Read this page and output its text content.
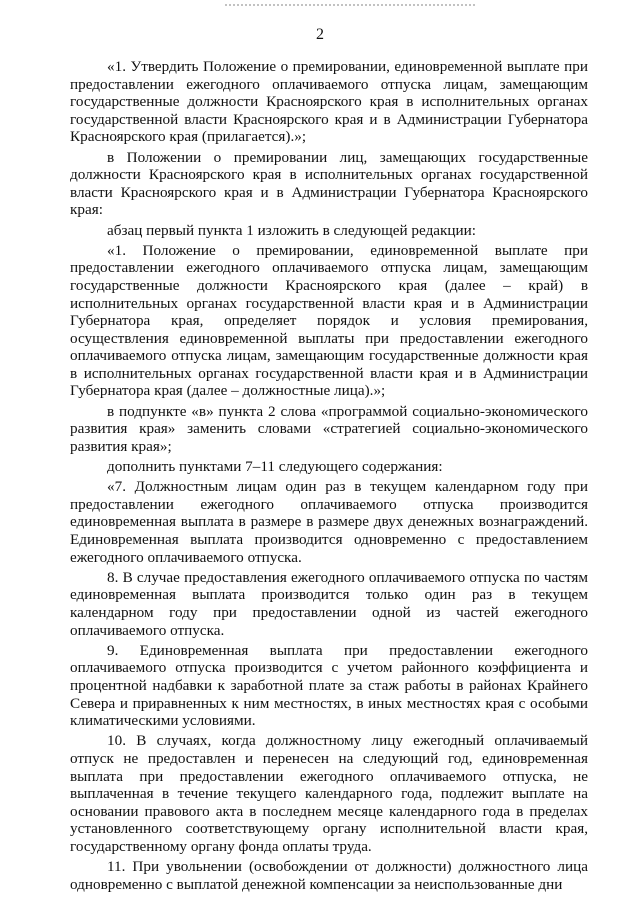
2

«1. Утвердить Положение о премировании, единовременной выплате при предоставлении ежегодного оплачиваемого отпуска лицам, замещающим государственные должности Красноярского края в исполнительных органах государственной власти Красноярского края и в Администрации Губернатора Красноярского края (прилагается).»;

в Положении о премировании лиц, замещающих государственные должности Красноярского края в исполнительных органах государственной власти Красноярского края и в Администрации Губернатора Красноярского края:

абзац первый пункта 1 изложить в следующей редакции:

«1. Положение о премировании, единовременной выплате при предоставлении ежегодного оплачиваемого отпуска лицам, замещающим государственные должности Красноярского края (далее – край) в исполнительных органах государственной власти края и в Администрации Губернатора края, определяет порядок и условия премирования, осуществления единовременной выплаты при предоставлении ежегодного оплачиваемого отпуска лицам, замещающим государственные должности края в исполнительных органах государственной власти края и в Администрации Губернатора края (далее – должностные лица).»;

в подпункте «в» пункта 2 слова «программой социально-экономического развития края» заменить словами «стратегией социально-экономического развития края»;

дополнить пунктами 7–11 следующего содержания:

«7. Должностным лицам один раз в текущем календарном году при предоставлении ежегодного оплачиваемого отпуска производится единовременная выплата в размере в размере двух денежных вознаграждений. Единовременная выплата производится одновременно с предоставлением ежегодного оплачиваемого отпуска.

8. В случае предоставления ежегодного оплачиваемого отпуска по частям единовременная выплата производится только один раз в текущем календарном году при предоставлении одной из частей ежегодного оплачиваемого отпуска.

9. Единовременная выплата при предоставлении ежегодного оплачиваемого отпуска производится с учетом районного коэффициента и процентной надбавки к заработной плате за стаж работы в районах Крайнего Севера и приравненных к ним местностях, в иных местностях края с особыми климатическими условиями.

10. В случаях, когда должностному лицу ежегодный оплачиваемый отпуск не предоставлен и перенесен на следующий год, единовременная выплата при предоставлении ежегодного оплачиваемого отпуска, не выплаченная в течение текущего календарного года, подлежит выплате на основании правового акта в последнем месяце календарного года в пределах установленного соответствующему органу исполнительной власти края, государственному органу фонда оплаты труда.

11. При увольнении (освобождении от должности) должностного лица одновременно с выплатой денежной компенсации за неиспользованные дни
